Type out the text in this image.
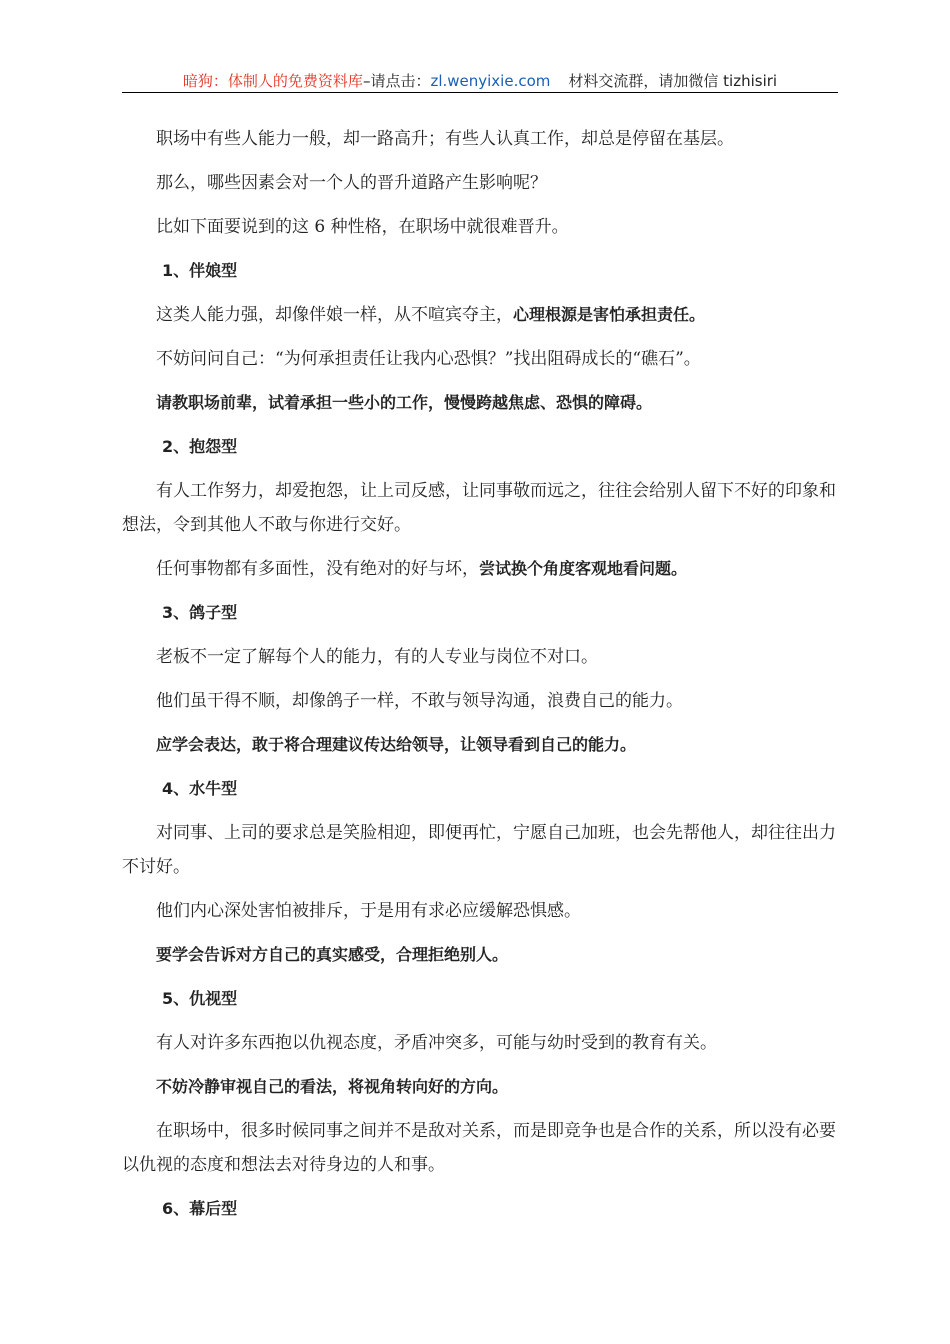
暗狗：体制人的免费资料库–请点击：zl.wenyixie.com 材料交流群，请加微信 tizhisiri

职场中有些人能力一般，却一路高升；有些人认真工作，却总是停留在基层。

那么，哪些因素会对一个人的晋升道路产生影响呢？

比如下面要说到的这 6 种性格，在职场中就很难晋升。

1、伴娘型

这类人能力强，却像伴娘一样，从不喧宾夺主，心理根源是害怕承担责任。

不妨问问自己：“为何承担责任让我内心恐惧？”找出阻碍成长的“礁石”。

请教职场前辈，试着承担一些小的工作，慢慢跨越焦虑、恐惧的障碍。

2、抱怨型

有人工作努力，却爱抱怨，让上司反感，让同事敬而远之，往往会给别人留下不好的印象和想法，令到其他人不敢与你进行交好。

任何事物都有多面性，没有绝对的好与坏，尝试换个角度客观地看问题。

3、鸽子型

老板不一定了解每个人的能力，有的人专业与岗位不对口。

他们虽干得不顺，却像鸽子一样，不敢与领导沟通，浪费自己的能力。

应学会表达，敢于将合理建议传达给领导，让领导看到自己的能力。

4、水牛型

对同事、上司的要求总是笑脸相迎，即便再忙，宁愿自己加班，也会先帮他人，却往往出力不讨好。

他们内心深处害怕被排斥，于是用有求必应缓解恐惧感。

要学会告诉对方自己的真实感受，合理拒绝别人。

5、仇视型

有人对许多东西抱以仇视态度，矛盾冲突多，可能与幼时受到的教育有关。

不妨冷静审视自己的看法，将视角转向好的方向。

在职场中，很多时候同事之间并不是敌对关系，而是即竞争也是合作的关系，所以没有必要以仇视的态度和想法去对待身边的人和事。

6、幕后型
